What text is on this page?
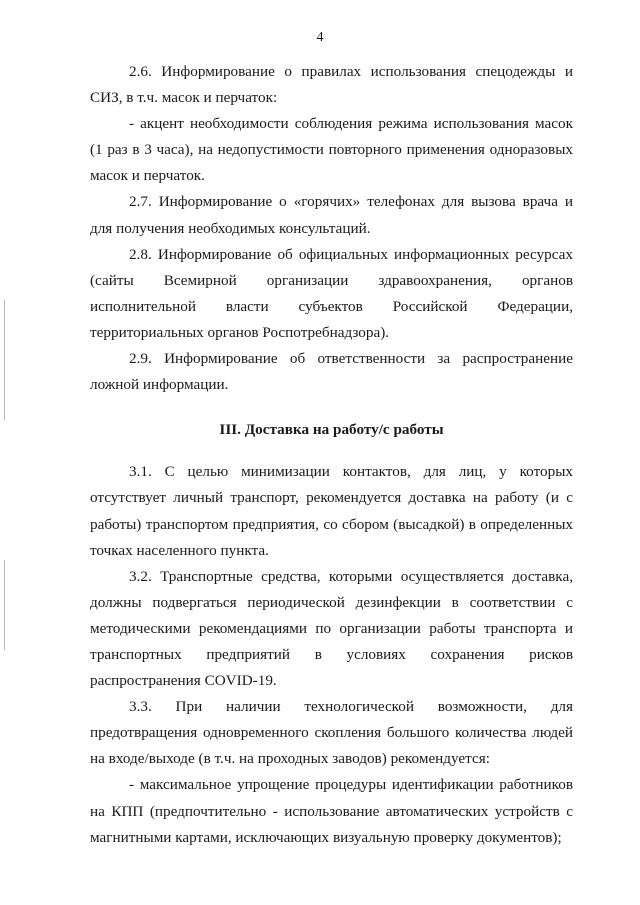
4

2.6. Информирование о правилах использования спецодежды и СИЗ, в т.ч. масок и перчаток:

- акцент необходимости соблюдения режима использования масок (1 раз в 3 часа), на недопустимости повторного применения одноразовых масок и перчаток.

2.7. Информирование о «горячих» телефонах для вызова врача и для получения необходимых консультаций.

2.8. Информирование об официальных информационных ресурсах (сайты Всемирной организации здравоохранения, органов исполнительной власти субъектов Российской Федерации, территориальных органов Роспотребнадзора).

2.9. Информирование об ответственности за распространение ложной информации.

III. Доставка на работу/с работы

3.1. С целью минимизации контактов, для лиц, у которых отсутствует личный транспорт, рекомендуется доставка на работу (и с работы) транспортом предприятия, со сбором (высадкой) в определенных точках населенного пункта.

3.2. Транспортные средства, которыми осуществляется доставка, должны подвергаться периодической дезинфекции в соответствии с методическими рекомендациями по организации работы транспорта и транспортных предприятий в условиях сохранения рисков распространения COVID-19.

3.3. При наличии технологической возможности, для предотвращения одновременного скопления большого количества людей на входе/выходе (в т.ч. на проходных заводов) рекомендуется:

- максимальное упрощение процедуры идентификации работников на КПП (предпочтительно - использование автоматических устройств с магнитными картами, исключающих визуальную проверку документов);
